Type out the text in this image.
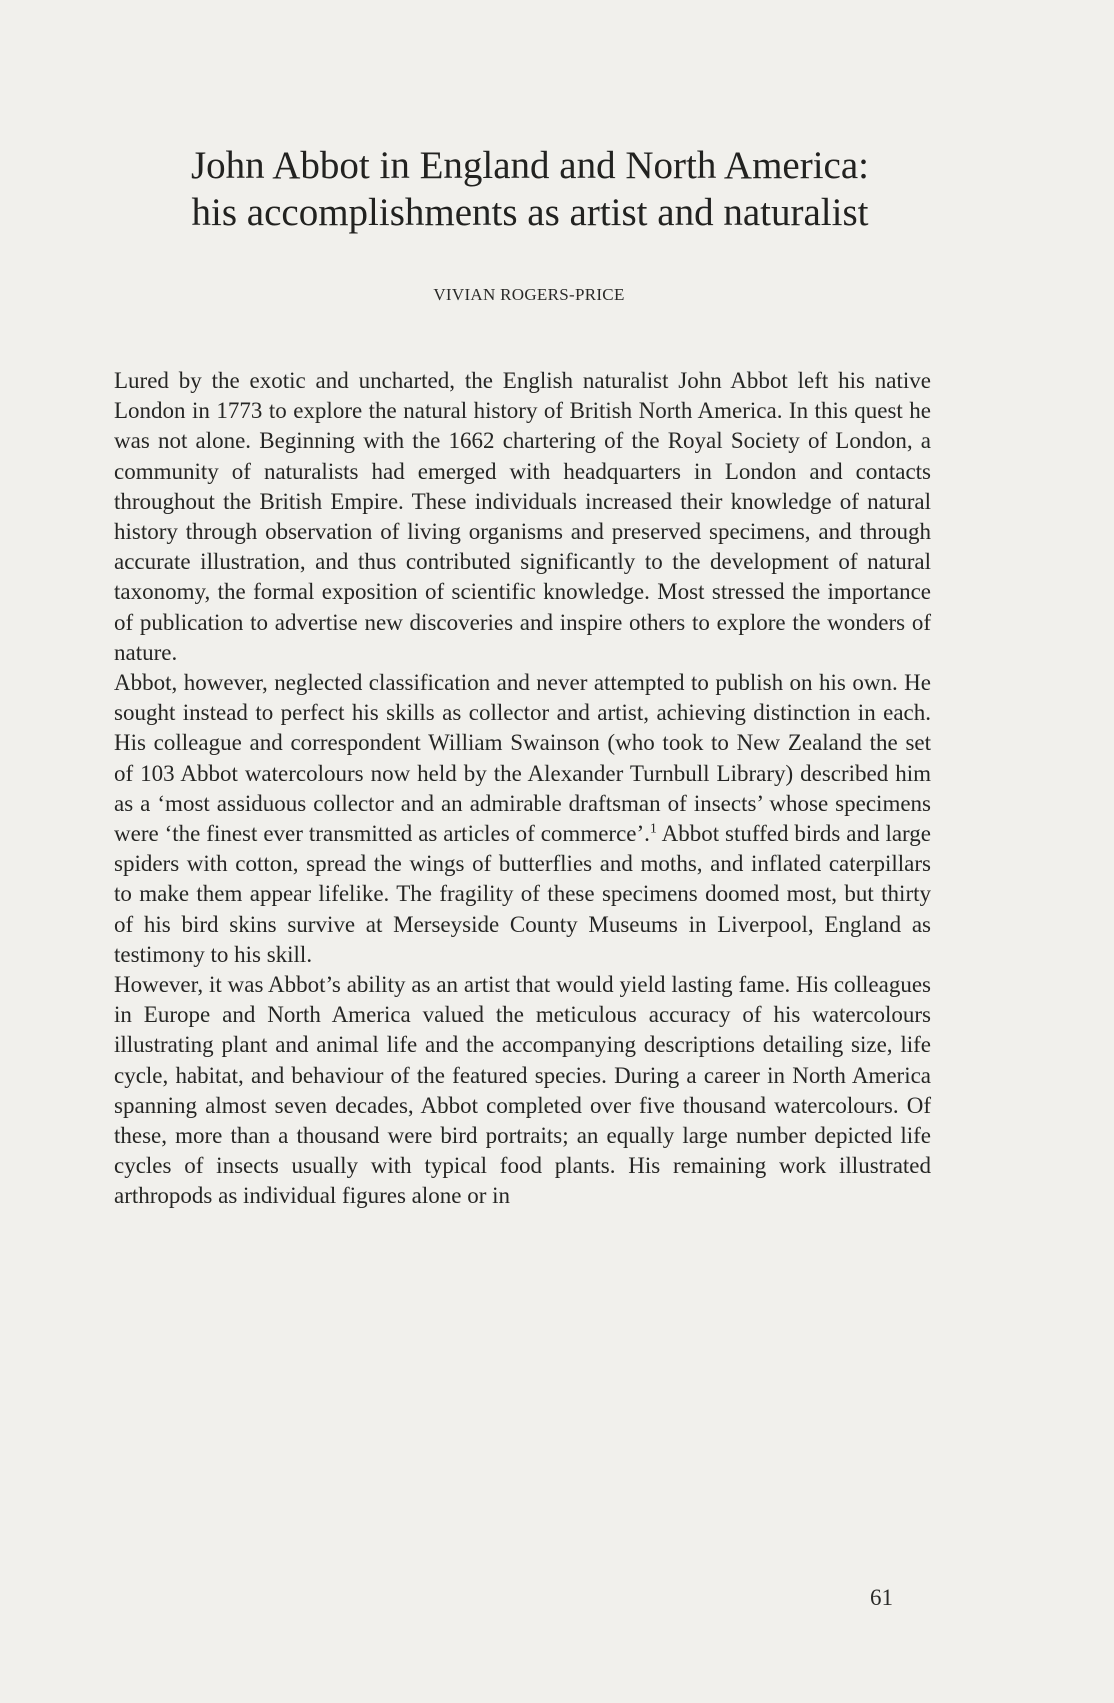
John Abbot in England and North America:
his accomplishments as artist and naturalist
VIVIAN ROGERS-PRICE

Lured by the exotic and uncharted, the English naturalist John Abbot left his native London in 1773 to explore the natural history of British North America. In this quest he was not alone. Beginning with the 1662 chartering of the Royal Society of London, a community of naturalists had emerged with headquarters in London and contacts throughout the British Empire. These individuals increased their knowledge of natural history through observation of living organisms and preserved specimens, and through accurate illustration, and thus contributed significantly to the development of natural taxonomy, the formal exposition of scientific knowledge. Most stressed the importance of publication to advertise new discoveries and inspire others to explore the wonders of nature.

Abbot, however, neglected classification and never attempted to publish on his own. He sought instead to perfect his skills as collector and artist, achieving distinction in each. His colleague and correspondent William Swainson (who took to New Zealand the set of 103 Abbot watercolours now held by the Alexander Turnbull Library) described him as a ‘most assiduous collector and an admirable draftsman of insects’ whose specimens were ‘the finest ever transmitted as articles of commerce’.$^1$ Abbot stuffed birds and large spiders with cotton, spread the wings of butterflies and moths, and inflated caterpillars to make them appear lifelike. The fragility of these specimens doomed most, but thirty of his bird skins survive at Merseyside County Museums in Liverpool, England as testimony to his skill.

However, it was Abbot’s ability as an artist that would yield lasting fame. His colleagues in Europe and North America valued the meticulous accuracy of his watercolours illustrating plant and animal life and the accompanying descriptions detailing size, life cycle, habitat, and behaviour of the featured species. During a career in North America spanning almost seven decades, Abbot completed over five thousand watercolours. Of these, more than a thousand were bird portraits; an equally large number depicted life cycles of insects usually with typical food plants. His remaining work illustrated arthropods as individual figures alone or in

61
